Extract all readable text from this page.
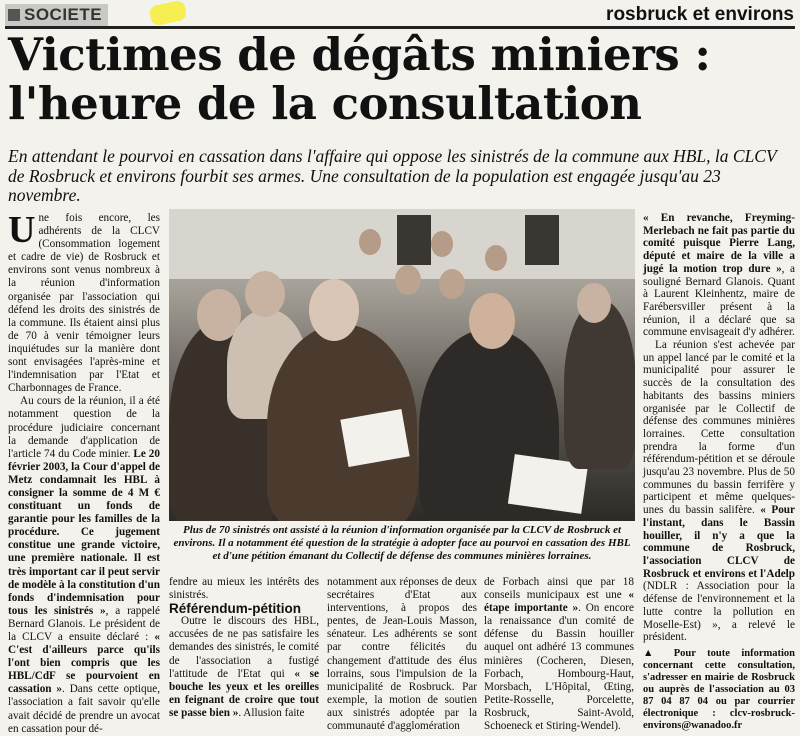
SOCIETE	rosbruck et environs
Victimes de dégâts miniers : l'heure de la consultation

En attendant le pourvoi en cassation dans l'affaire qui oppose les sinistrés de la commune aux HBL, la CLCV de Rosbruck et environs fourbit ses armes. Une consultation de la population est engagée jusqu'au 23 novembre.

Une fois encore, les adhérents de la CLCV (Consommation logement et cadre de vie) de Rosbruck et environs sont venus nombreux à la réunion d'information organisée par l'association qui défend les droits des sinistrés de la commune. Ils étaient ainsi plus de 70 à venir témoigner leurs inquiétudes sur la manière dont sont envisagées l'après-mine et l'indemnisation par l'Etat et Charbonnages de France.

Au cours de la réunion, il a été notamment question de la procédure judiciaire concernant la demande d'application de l'article 74 du Code minier. Le 20 février 2003, la Cour d'appel de Metz condamnait les HBL à consigner la somme de 4 M € constituant un fonds de garantie pour les familles de la procédure. Ce jugement constitue une grande victoire, une première nationale. Il est très important car il peut servir de modèle à la constitution d'un fonds d'indemnisation pour tous les sinistrés », a rappelé Bernard Glanois. Le président de la CLCV a ensuite déclaré : « C'est d'ailleurs parce qu'ils l'ont bien compris que les HBL/CdF se pourvoient en cassation ». Dans cette optique, l'association a fait savoir qu'elle avait décidé de prendre un avocat en cassation pour dé-

Plus de 70 sinistrés ont assisté à la réunion d'information organisée par la CLCV de Rosbruck et environs. Il a notamment été question de la stratégie à adopter face au pourvoi en cassation des HBL et d'une pétition émanant du Collectif de défense des communes minières lorraines.

fendre au mieux les intérêts des sinistrés.

Référendum-pétition

Outre le discours des HBL, accusées de ne pas satisfaire les demandes des sinistrés, le comité de l'association a fustigé l'attitude de l'Etat qui « se bouche les yeux et les oreilles en feignant de croire que tout se passe bien ». Allusion faite

notamment aux réponses de deux secrétaires d'Etat aux interventions, à propos des pentes, de Jean-Louis Masson, sénateur. Les adhérents se sont par contre félicités du changement d'attitude des élus lorrains, sous l'impulsion de la municipalité de Rosbruck. Par exemple, la motion de soutien aux sinistrés adoptée par la communauté d'agglomération

de Forbach ainsi que par 18 conseils municipaux est une « étape importante ». On encore la renaissance d'un comité de défense du Bassin houiller auquel ont adhéré 13 communes minières (Cocheren, Diesen, Forbach, Hombourg-Haut, Morsbach, L'Hôpital, Œting, Petite-Rosselle, Porcelette, Rosbruck, Saint-Avold, Schoeneck et Stiring-Wendel).

« En revanche, Freyming-Merlebach ne fait pas partie du comité puisque Pierre Lang, député et maire de la ville a jugé la motion trop dure », a souligné Bernard Glanois. Quant à Laurent Kleinhentz, maire de Farébersviller présent à la réunion, il a déclaré que sa commune envisageait d'y adhérer.

La réunion s'est achevée par un appel lancé par le comité et la municipalité pour assurer le succès de la consultation des habitants des bassins miniers organisée par le Collectif de défense des communes minières lorraines. Cette consultation prendra la forme d'un référendum-pétition et se déroule jusqu'au 23 novembre. Plus de 50 communes du bassin ferrifère y participent et même quelques-unes du bassin salifère. « Pour l'instant, dans le Bassin houiller, il n'y a que la commune de Rosbruck, l'association CLCV de Rosbruck et environs et l'Adelp (NDLR : Association pour la défense de l'environnement et la lutte contre la pollution en Moselle-Est) », a relevé le président.

▲ Pour toute information concernant cette consultation, s'adresser en mairie de Rosbruck ou auprès de l'association au 03 87 04 87 04 ou par courrier électronique : clcv-rosbruck-environs@wanadoo.fr
